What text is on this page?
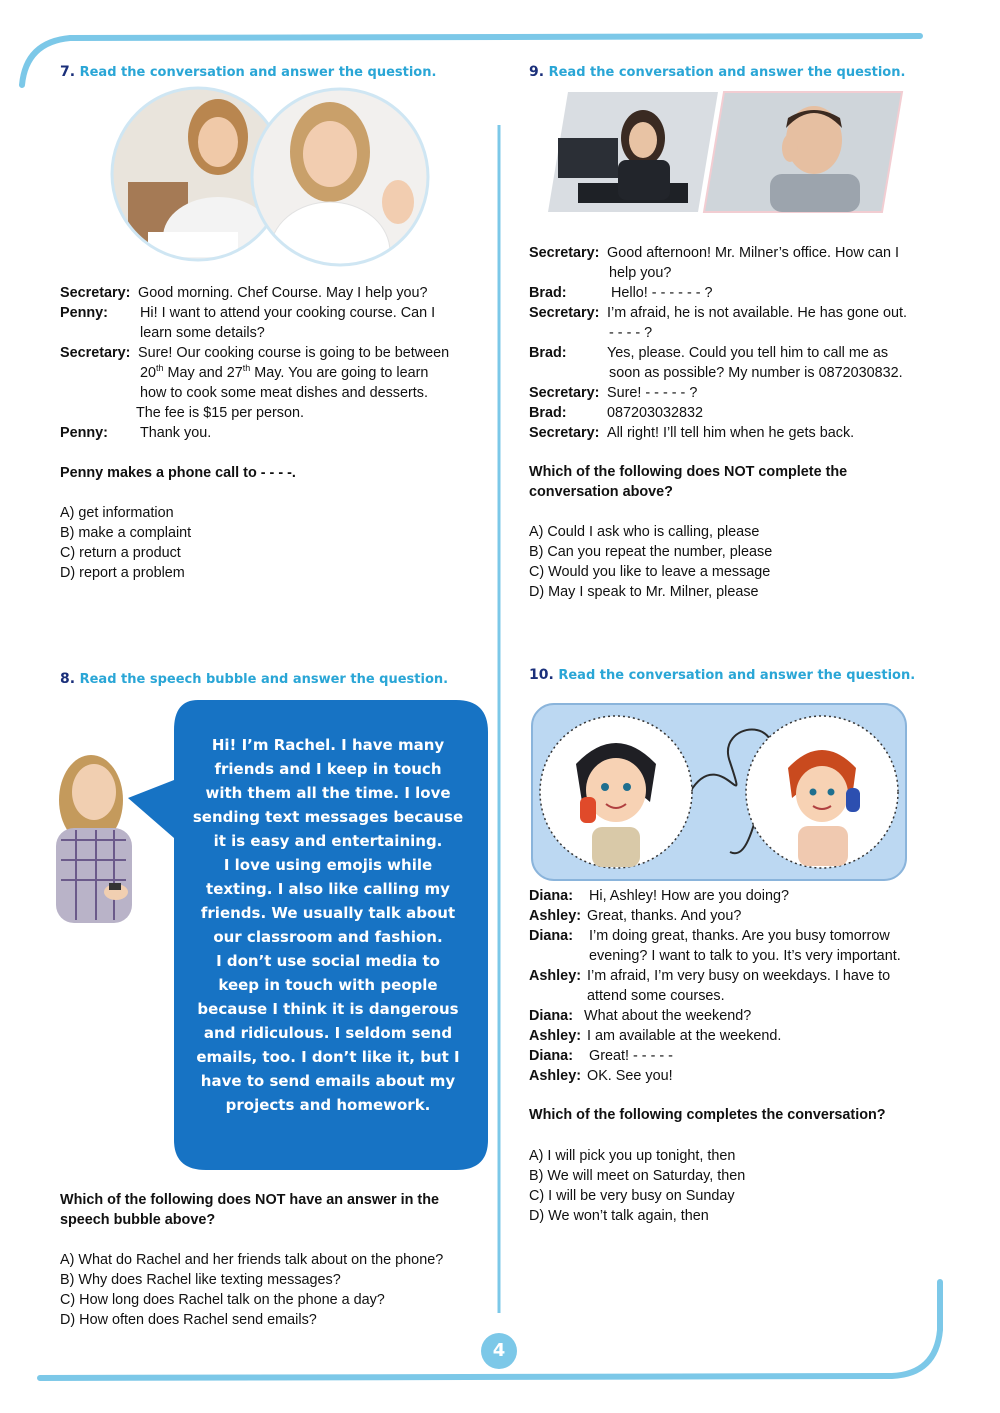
7. Read the conversation and answer the question.
Secretary: Good morning. Chef Course. May I help you?
Penny:	Hi! I want to attend your cooking course. Can I
learn some details?
Secretary: Sure! Our cooking course is going to be between
20th May and 27th May. You are going to learn
how to cook some meat dishes and desserts.
The fee is $15 per person.
Penny:	Thank you.
Penny makes a phone call to - - - -.
A) get information
B) make a complaint
C) return a product
D) report a problem
8. Read the speech bubble and answer the question.
Hi! I’m Rachel. I have many
friends and I keep in touch
with them all the time. I love
sending text messages because
it is easy and entertaining.
I love using emojis while
texting. I also like calling my
friends. We usually talk about
our classroom and fashion.
I don’t use social media to
keep in touch with people
because I think it is dangerous
and ridiculous. I seldom send
emails, too. I don’t like it, but I
have to send emails about my
projects and homework.
Which of the following does NOT have an answer in the
speech bubble above?
A) What do Rachel and her friends talk about on the phone?
B) Why does Rachel like texting messages?
C) How long does Rachel talk on the phone a day?
D) How often does Rachel send emails?
9. Read the conversation and answer the question.
Secretary: Good afternoon! Mr. Milner’s office. How can I
help you?
Brad:	Hello! - - - - - - ?
Secretary: I’m afraid, he is not available. He has gone out.
- - - - ?
Brad:	Yes, please. Could you tell him to call me as
soon as possible? My number is 0872030832.
Secretary: Sure! - - - - - ?
Brad:	087203032832
Secretary: All right! I’ll tell him when he gets back.
Which of the following does NOT complete the
conversation above?
A) Could I ask who is calling, please
B) Can you repeat the number, please
C) Would you like to leave a message
D) May I speak to Mr. Milner, please
10. Read the conversation and answer the question.
Diana:	Hi, Ashley! How are you doing?
Ashley: Great, thanks. And you?
Diana:	I’m doing great, thanks. Are you busy tomorrow
evening? I want to talk to you. It’s very important.
Ashley: I’m afraid, I’m very busy on weekdays. I have to
attend some courses.
Diana: What about the weekend?
Ashley: I am available at the weekend.
Diana:	Great! - - - - -
Ashley: OK. See you!
Which of the following completes the conversation?
A) I will pick you up tonight, then
B) We will meet on Saturday, then
C) I will be very busy on Sunday
D) We won’t talk again, then
4
